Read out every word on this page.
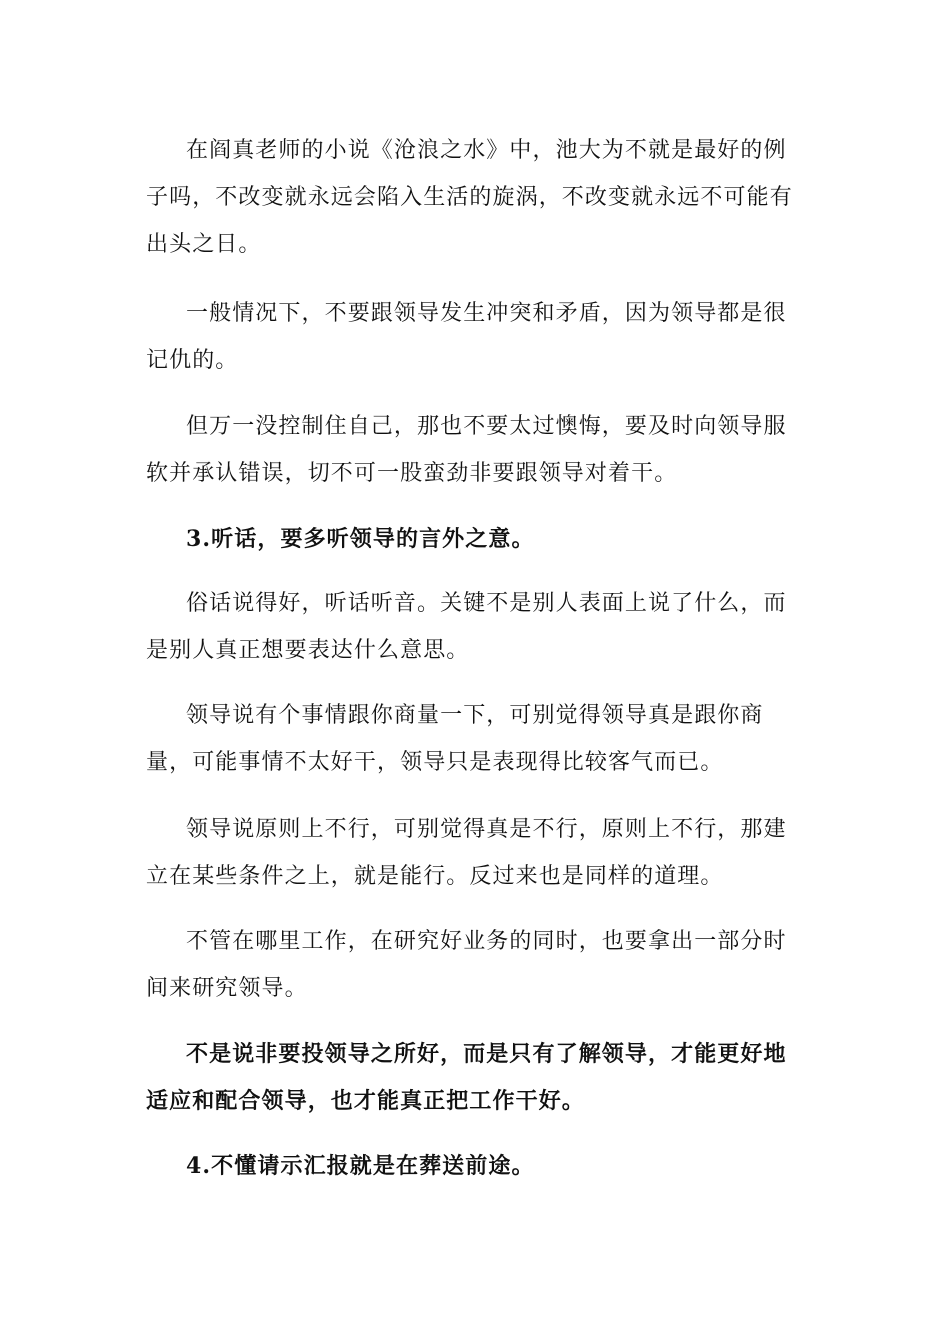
在阎真老师的小说《沧浪之水》中，池大为不就是最好的例子吗，不改变就永远会陷入生活的旋涡，不改变就永远不可能有出头之日。

一般情况下，不要跟领导发生冲突和矛盾，因为领导都是很记仇的。

但万一没控制住自己，那也不要太过懊悔，要及时向领导服软并承认错误，切不可一股蛮劲非要跟领导对着干。

3.听话，要多听领导的言外之意。

俗话说得好，听话听音。关键不是别人表面上说了什么，而是别人真正想要表达什么意思。

领导说有个事情跟你商量一下，可别觉得领导真是跟你商量，可能事情不太好干，领导只是表现得比较客气而已。

领导说原则上不行，可别觉得真是不行，原则上不行，那建立在某些条件之上，就是能行。反过来也是同样的道理。

不管在哪里工作，在研究好业务的同时，也要拿出一部分时间来研究领导。

不是说非要投领导之所好，而是只有了解领导，才能更好地适应和配合领导，也才能真正把工作干好。

4.不懂请示汇报就是在葬送前途。
